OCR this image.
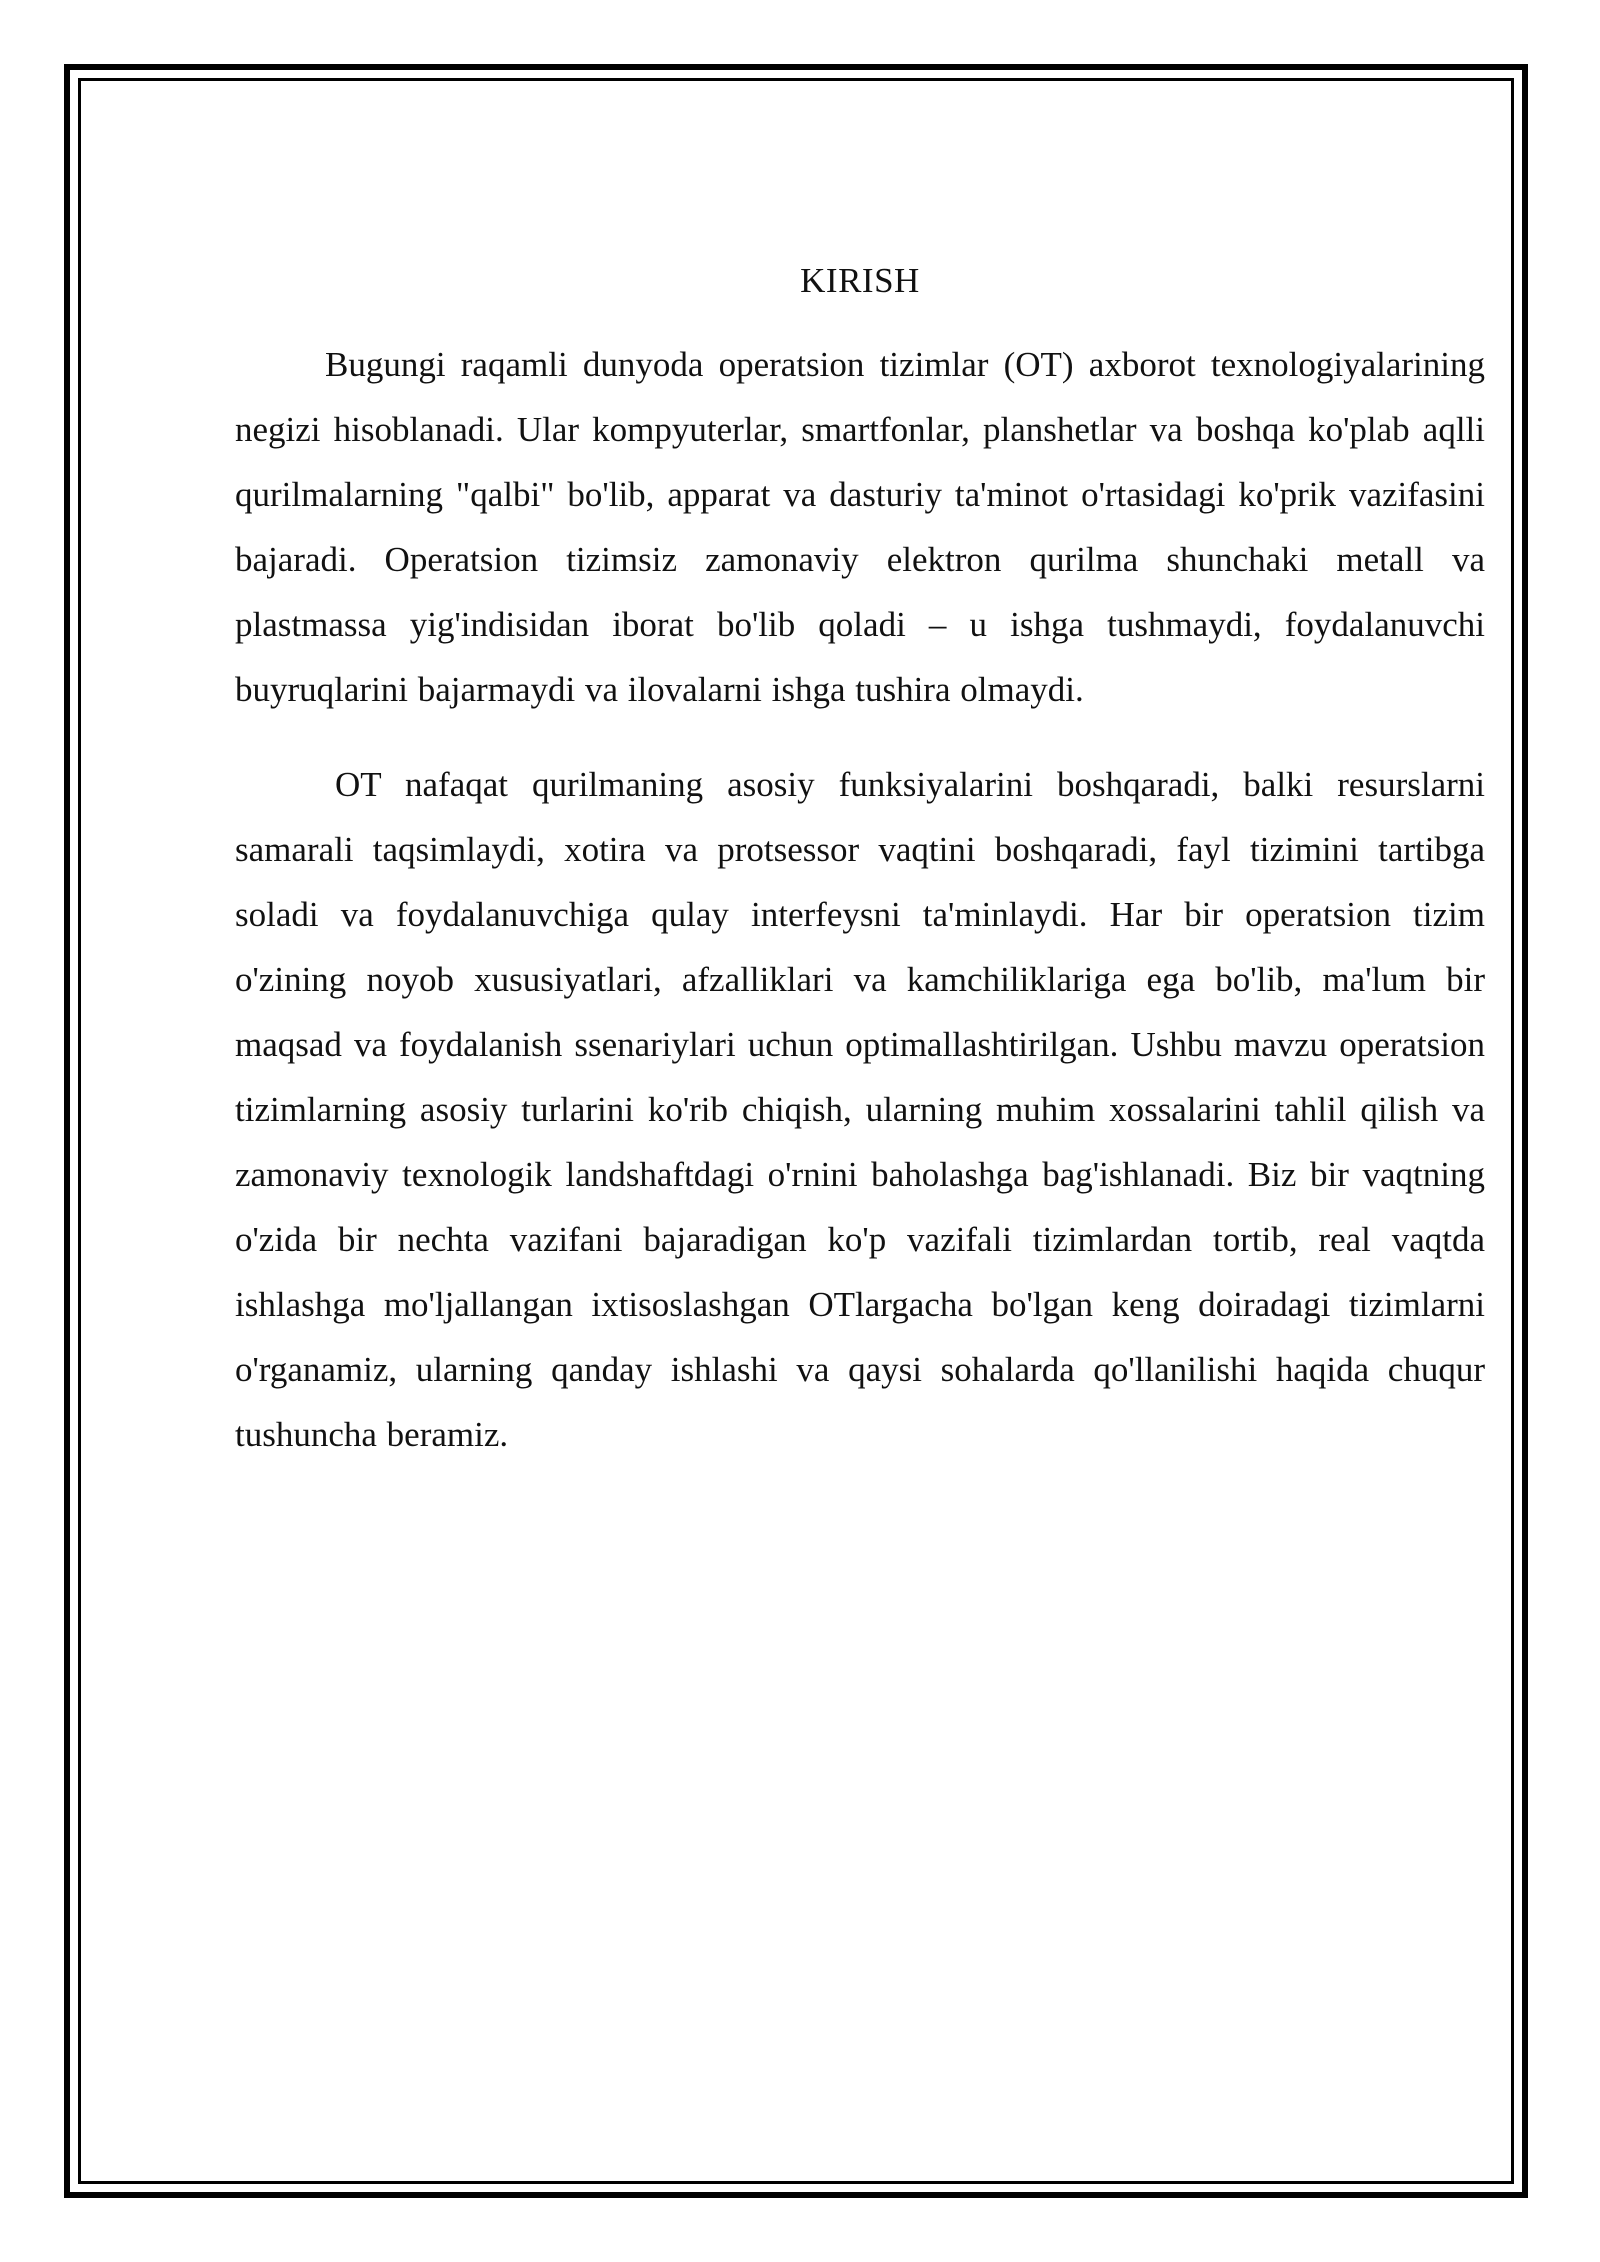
KIRISH

Bugungi raqamli dunyoda operatsion tizimlar (OT) axborot texnologiyalarining negizi hisoblanadi. Ular kompyuterlar, smartfonlar, planshetlar va boshqa ko'plab aqlli qurilmalarning "qalbi" bo'lib, apparat va dasturiy ta'minot o'rtasidagi ko'prik vazifasini bajaradi. Operatsion tizimsiz zamonaviy elektron qurilma shunchaki metall va plastmassa yig'indisidan iborat bo'lib qoladi – u ishga tushmaydi, foydalanuvchi buyruqlarini bajarmaydi va ilovalarni ishga tushira olmaydi.

OT nafaqat qurilmaning asosiy funksiyalarini boshqaradi, balki resurslarni samarali taqsimlaydi, xotira va protsessor vaqtini boshqaradi, fayl tizimini tartibga soladi va foydalanuvchiga qulay interfeysni ta'minlaydi. Har bir operatsion tizim o'zining noyob xususiyatlari, afzalliklari va kamchiliklariga ega bo'lib, ma'lum bir maqsad va foydalanish ssenariylari uchun optimallashtirilgan. Ushbu mavzu operatsion tizimlarning asosiy turlarini ko'rib chiqish, ularning muhim xossalarini tahlil qilish va zamonaviy texnologik landshaftdagi o'rnini baholashga bag'ishlanadi. Biz bir vaqtning o'zida bir nechta vazifani bajaradigan ko'p vazifali tizimlardan tortib, real vaqtda ishlashga mo'ljallangan ixtisoslashgan OTlargacha bo'lgan keng doiradagi tizimlarni o'rganamiz, ularning qanday ishlashi va qaysi sohalarda qo'llanilishi haqida chuqur tushuncha beramiz.
